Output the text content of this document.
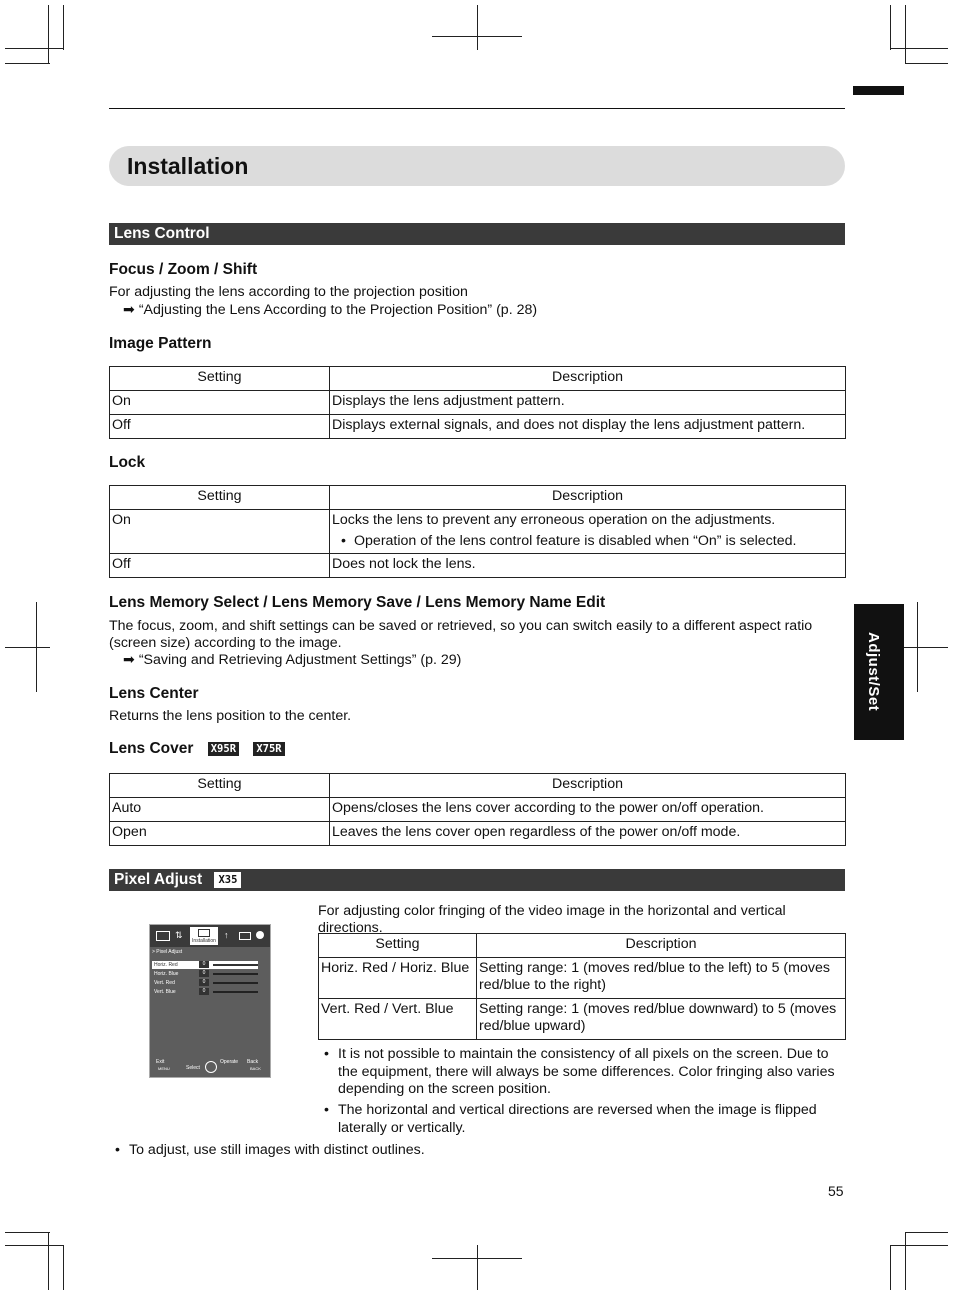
Installation
Lens Control
Focus / Zoom / Shift
For adjusting the lens according to the projection position
➡ “Adjusting the Lens According to the Projection Position” (p. 28)
Image Pattern
Setting	Description
On	Displays the lens adjustment pattern.
Off	Displays external signals, and does not display the lens adjustment pattern.
Lock
Setting	Description
On	Locks the lens to prevent any erroneous operation on the adjustments.
• Operation of the lens control feature is disabled when “On” is selected.

Off	Does not lock the lens.
Lens Memory Select / Lens Memory Save / Lens Memory Name Edit
The focus, zoom, and shift settings can be saved or retrieved, so you can switch easily to a different aspect ratio (screen size) according to the image.
➡ “Saving and Retrieving Adjustment Settings” (p. 29)
Lens Center
Returns the lens position to the center.
Lens Cover X95R X75R
Setting	Description
Auto	Opens/closes the lens cover according to the power on/off operation.
Open	Leaves the lens cover open regardless of the power on/off mode.
Pixel Adjust X35
⇅
Installation
↑
> Pixel Adjust
Horiz. Red	0
Horiz. Blue	0
Vert. Red	0
Vert. Blue	0
Exit
MENU	Select
Operate Back
BACK
For adjusting color fringing of the video image in the horizontal and vertical directions.
Setting	Description
Horiz. Red / Horiz. Blue	Setting range: 1 (moves red/blue to the left) to 5 (moves red/blue to the right)
Vert. Red / Vert. Blue	Setting range: 1 (moves red/blue downward) to 5 (moves red/blue upward)
• It is not possible to maintain the consistency of all pixels on the screen. Due to the equipment, there will always be some differences. Color fringing also varies depending on the screen position.
• The horizontal and vertical directions are reversed when the image is flipped laterally or vertically.
• To adjust, use still images with distinct outlines.
Adjust/Set
55
